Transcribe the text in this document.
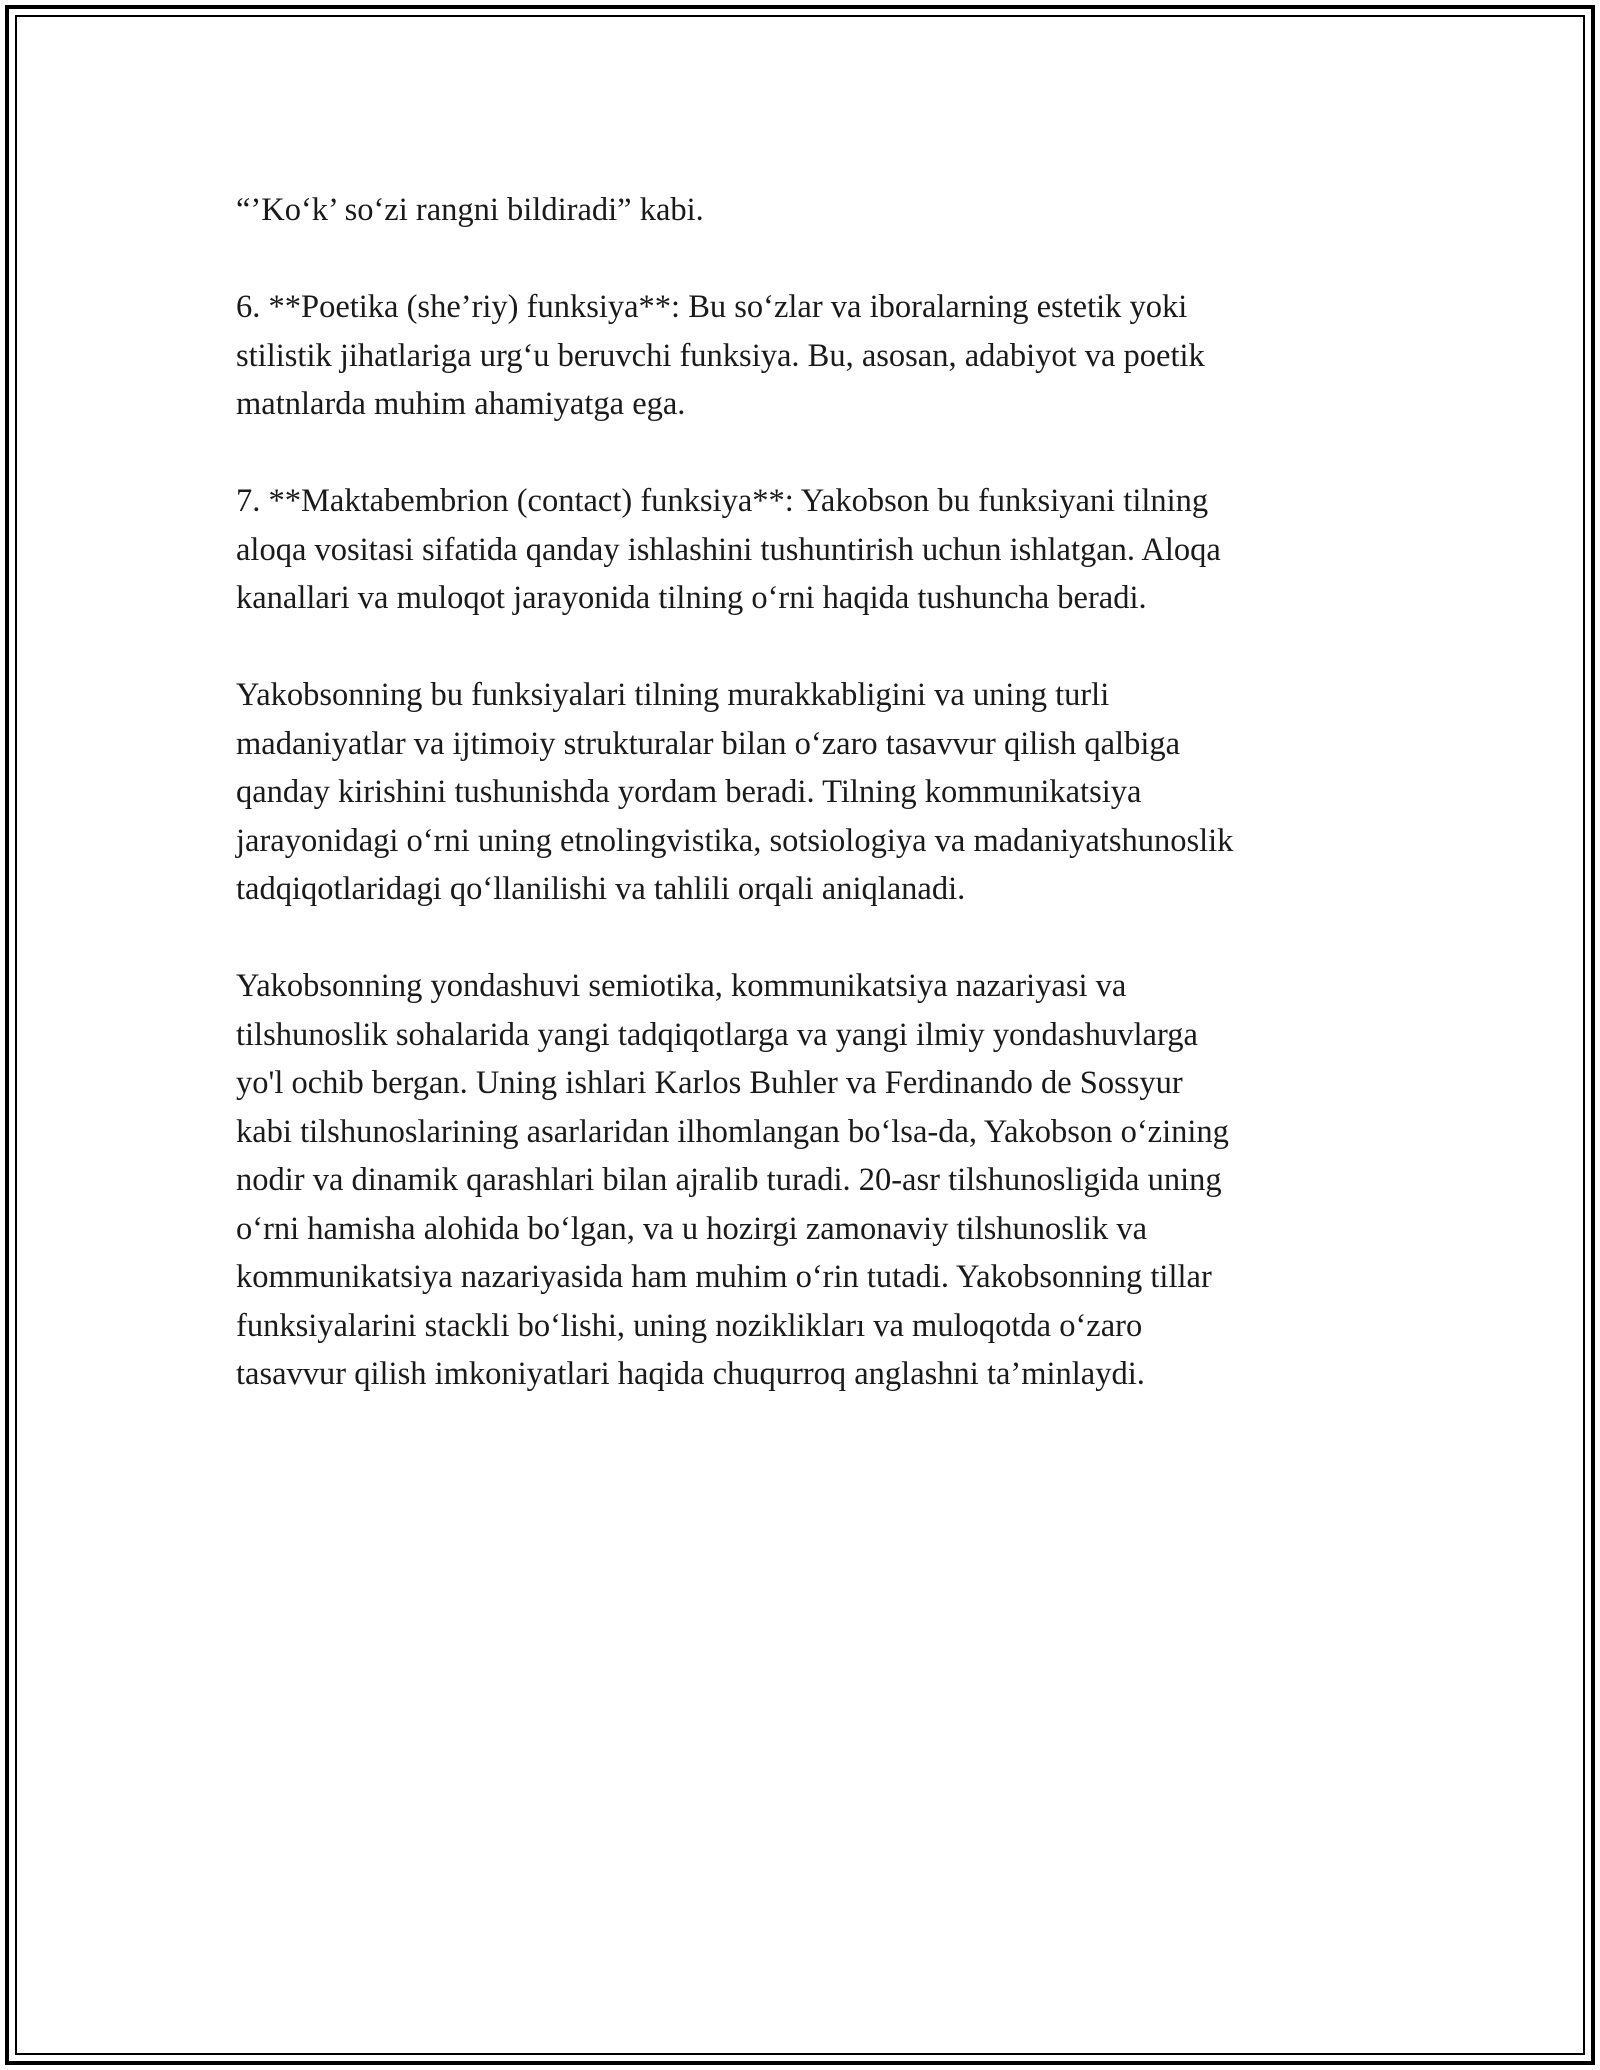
“’Ko‘k’ so‘zi rangni bildiradi” kabi.

6. **Poetika (she’riy) funksiya**: Bu so‘zlar va iboralarning estetik yoki
stilistik jihatlariga urg‘u beruvchi funksiya. Bu, asosan, adabiyot va poetik
matnlarda muhim ahamiyatga ega.

7. **Maktabembrion (contact) funksiya**: Yakobson bu funksiyani tilning
aloqa vositasi sifatida qanday ishlashini tushuntirish uchun ishlatgan. Aloqa
kanallari va muloqot jarayonida tilning o‘rni haqida tushuncha beradi.

Yakobsonning bu funksiyalari tilning murakkabligini va uning turli
madaniyatlar va ijtimoiy strukturalar bilan o‘zaro tasavvur qilish qalbiga
qanday kirishini tushunishda yordam beradi. Tilning kommunikatsiya
jarayonidagi o‘rni uning etnolingvistika, sotsiologiya va madaniyatshunoslik
tadqiqotlaridagi qo‘llanilishi va tahlili orqali aniqlanadi.

Yakobsonning yondashuvi semiotika, kommunikatsiya nazariyasi va
tilshunoslik sohalarida yangi tadqiqotlarga va yangi ilmiy yondashuvlarga
yo'l ochib bergan. Uning ishlari Karlos Buhler va Ferdinando de Sossyur
kabi tilshunoslarining asarlaridan ilhomlangan bo‘lsa-da, Yakobson o‘zining
nodir va dinamik qarashlari bilan ajralib turadi. 20-asr tilshunosligida uning
o‘rni hamisha alohida bo‘lgan, va u hozirgi zamonaviy tilshunoslik va
kommunikatsiya nazariyasida ham muhim o‘rin tutadi. Yakobsonning tillar
funksiyalarini stackli bo‘lishi, uning noziklikları va muloqotda o‘zaro
tasavvur qilish imkoniyatlari haqida chuqurroq anglashni ta’minlaydi.
